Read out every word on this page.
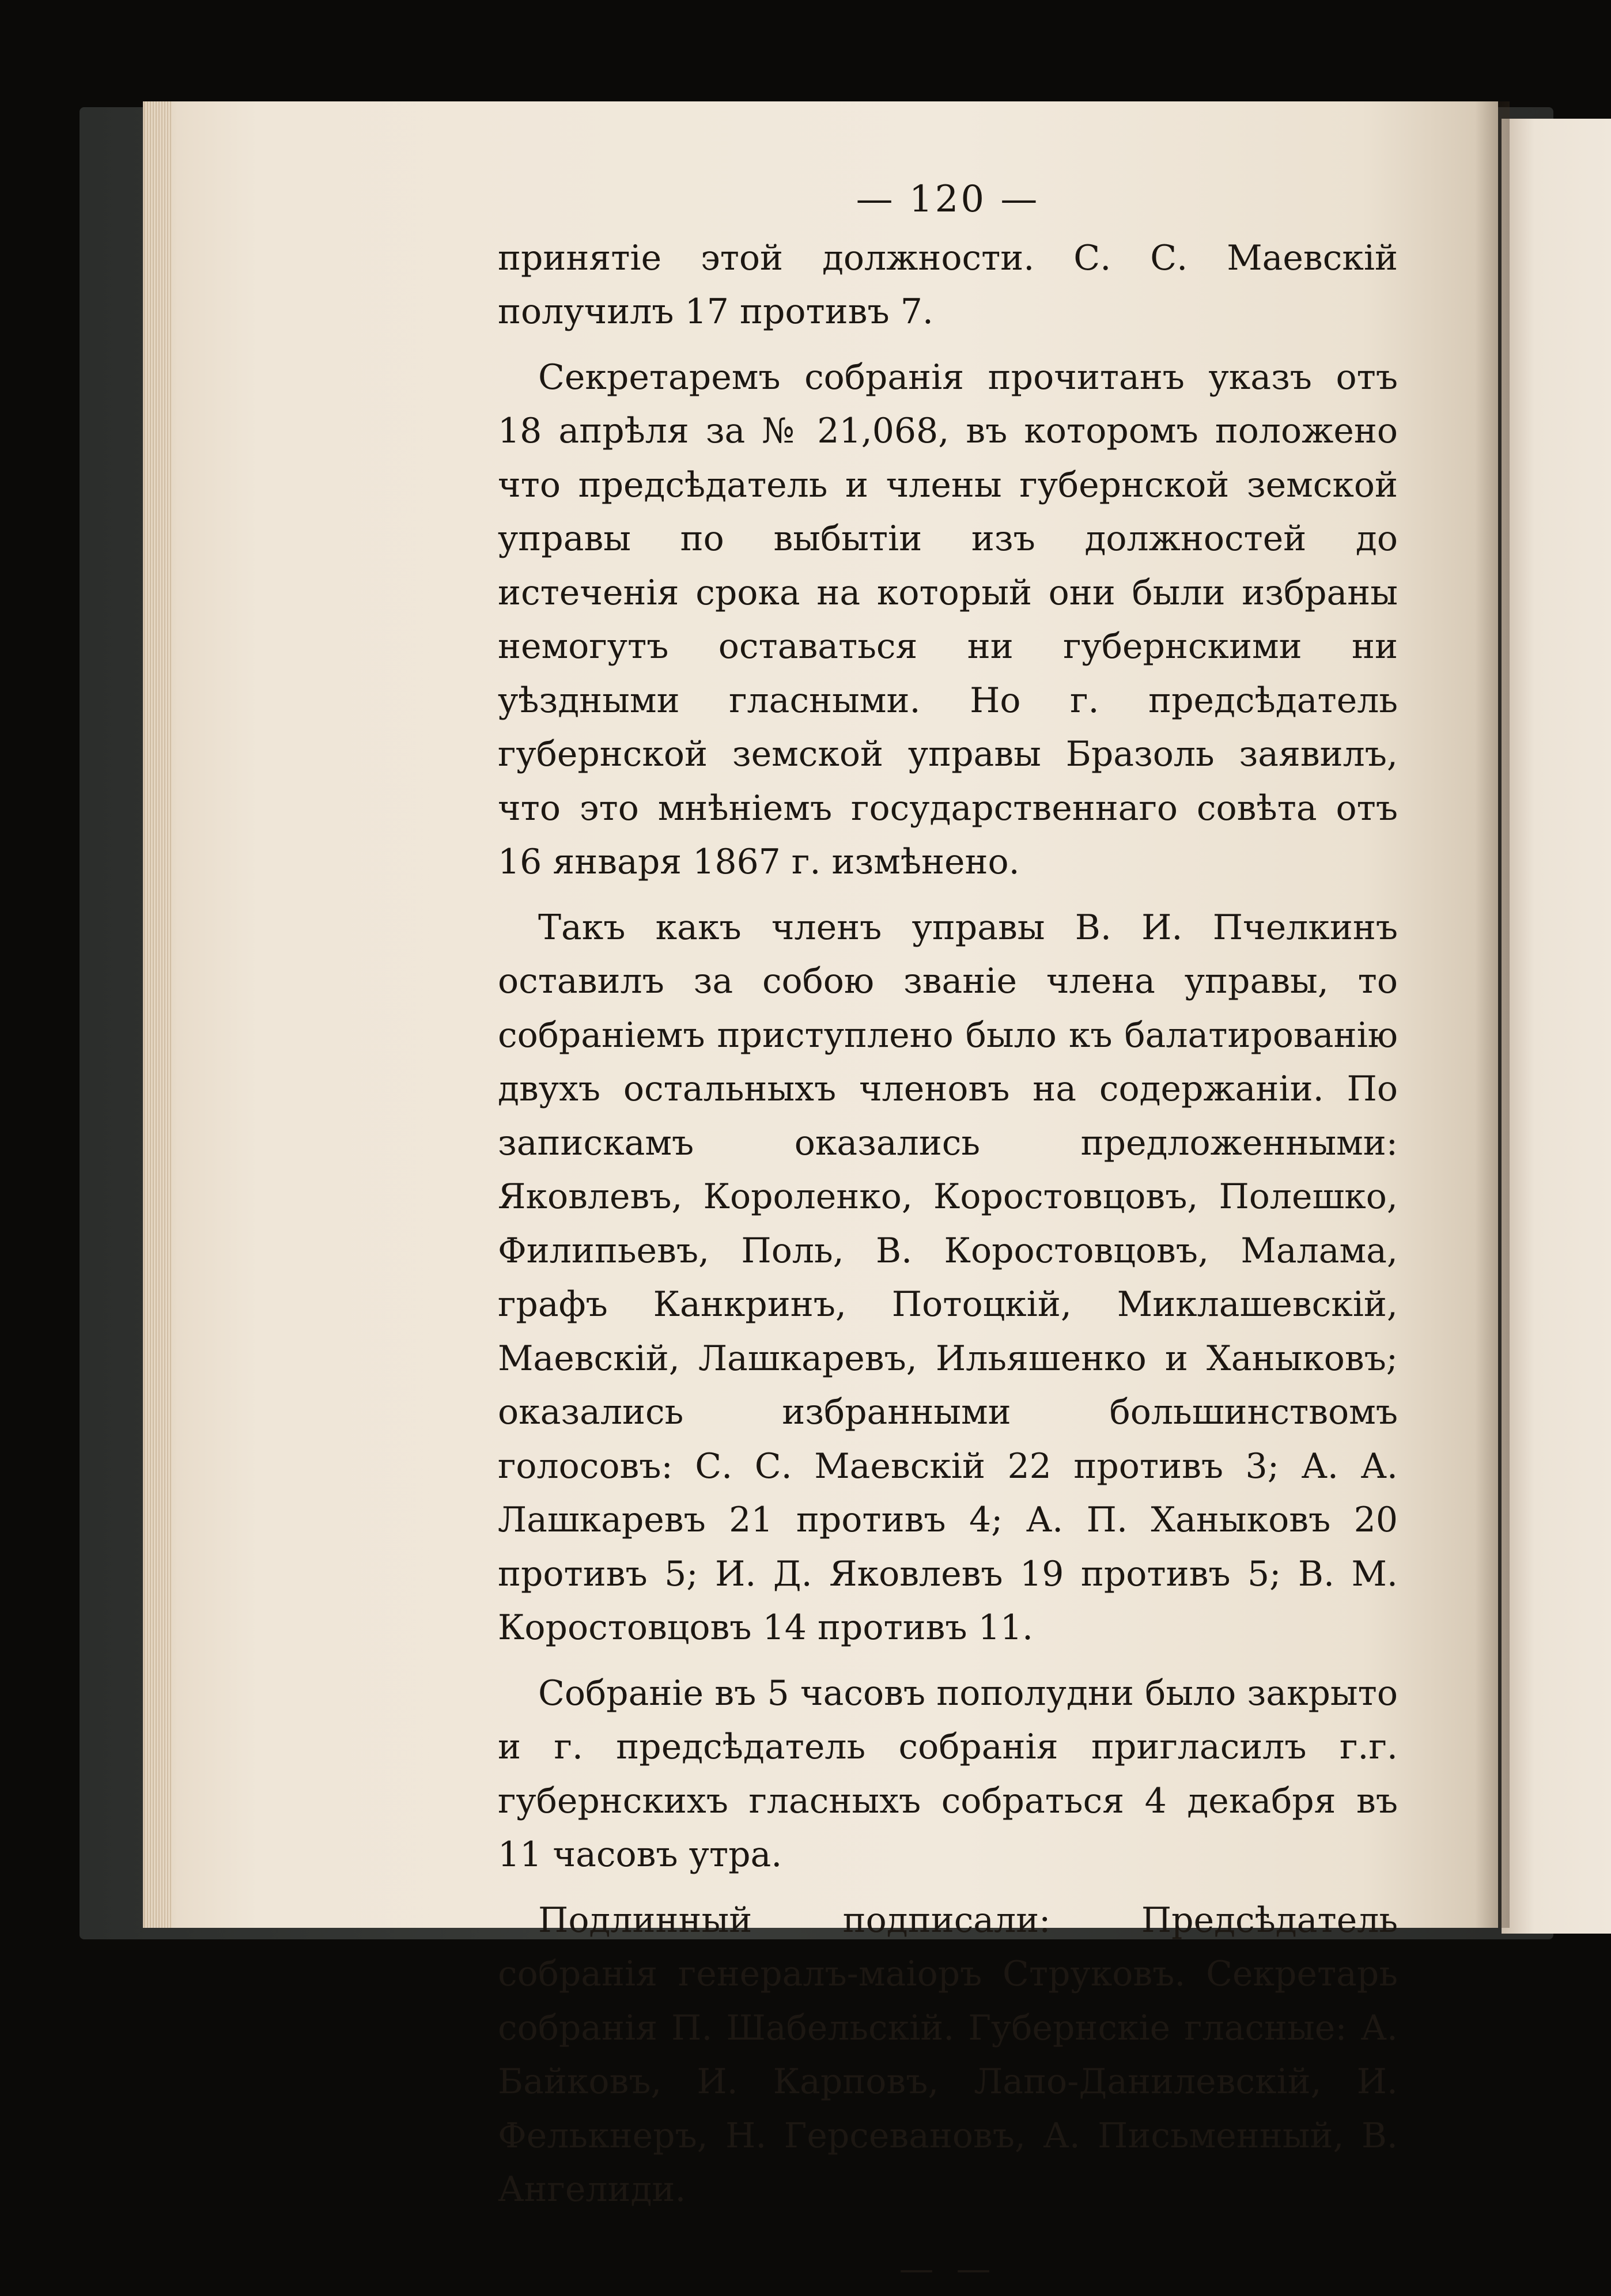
— 120 —

принятіе этой должности. С. С. Маевскій получилъ 17 противъ 7.

Секретаремъ собранія прочитанъ указъ отъ 18 апрѣля за № 21,068, въ которомъ положено что предсѣдатель и члены губернской земской управы по выбытіи изъ должностей до истеченія срока на который они были избраны немогутъ оставаться ни губернскими ни уѣздными гласными. Но г. предсѣдатель губернской земской управы Бразоль заявилъ, что это мнѣніемъ государственнаго совѣта отъ 16 января 1867 г. измѣнено.

Такъ какъ членъ управы В. И. Пчелкинъ оставилъ за собою званіе члена управы, то собраніемъ приступлено было къ балатированію двухъ остальныхъ членовъ на содержаніи. По запискамъ оказались предложенными: Яковлевъ, Короленко, Коростовцовъ, Полешко, Филипьевъ, Поль, В. Коростовцовъ, Малама, графъ Канкринъ, Потоцкій, Миклашевскій, Маевскій, Лашкаревъ, Ильяшенко и Ханыковъ; оказались избранными большинствомъ голосовъ: С. С. Маевскій 22 противъ 3; А. А. Лашкаревъ 21 противъ 4; А. П. Ханыковъ 20 противъ 5; И. Д. Яковлевъ 19 противъ 5; В. М. Коростовцовъ 14 противъ 11.

Собраніе въ 5 часовъ пополудни было закрыто и г. предсѣдатель собранія пригласилъ г.г. губернскихъ гласныхъ собраться 4 декабря въ 11 часовъ утра.

Подлинный подписали: Предсѣдатель собранія генералъ-маіоръ Струковъ. Секретарь собранія П. Шабельскій. Губернскіе гласные: А. Байковъ, И. Карповъ, Лапо-Данилевскій, И. Фелькнеръ, Н. Герсевановъ, А. Письменный, В. Ангелиди.

— —
